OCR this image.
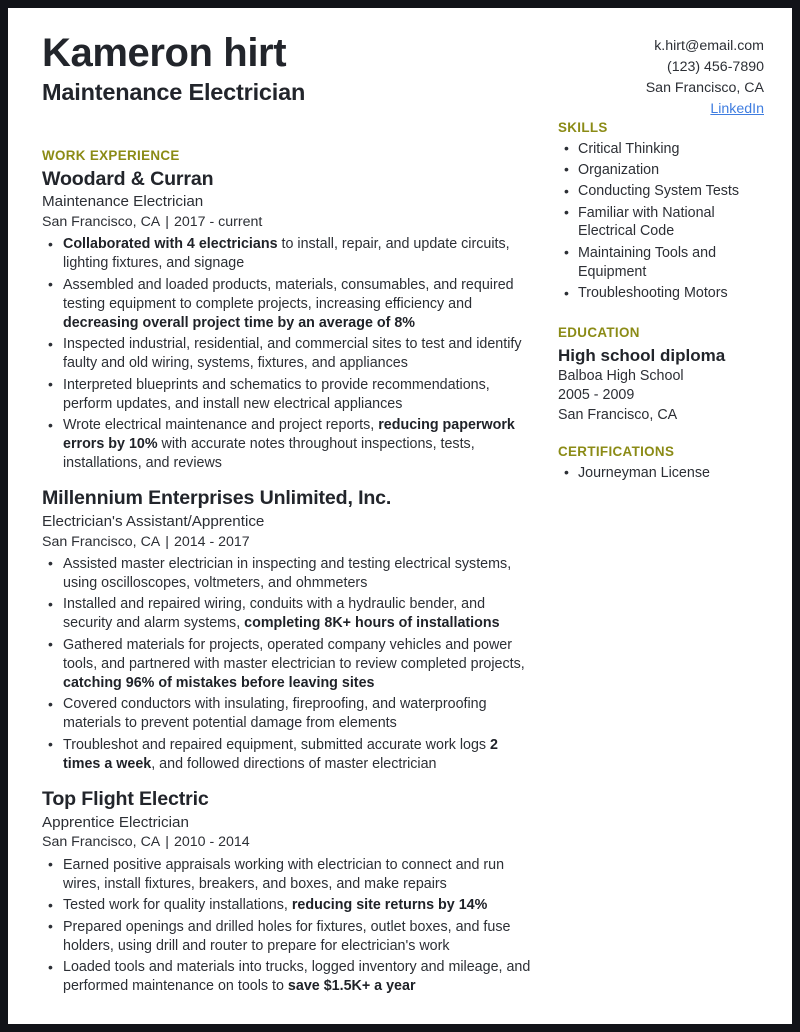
Kameron hirt
Maintenance Electrician
k.hirt@email.com
(123) 456-7890
San Francisco, CA
LinkedIn
WORK EXPERIENCE
Woodard & Curran
Maintenance Electrician
San Francisco, CA | 2017 - current
• Collaborated with 4 electricians to install, repair, and update circuits, lighting fixtures, and signage
• Assembled and loaded products, materials, consumables, and required testing equipment to complete projects, increasing efficiency and decreasing overall project time by an average of 8%
• Inspected industrial, residential, and commercial sites to test and identify faulty and old wiring, systems, fixtures, and appliances
• Interpreted blueprints and schematics to provide recommendations, perform updates, and install new electrical appliances
• Wrote electrical maintenance and project reports, reducing paperwork errors by 10% with accurate notes throughout inspections, tests, installations, and reviews
Millennium Enterprises Unlimited, Inc.
Electrician's Assistant/Apprentice
San Francisco, CA | 2014 - 2017
• Assisted master electrician in inspecting and testing electrical systems, using oscilloscopes, voltmeters, and ohmmeters
• Installed and repaired wiring, conduits with a hydraulic bender, and security and alarm systems, completing 8K+ hours of installations
• Gathered materials for projects, operated company vehicles and power tools, and partnered with master electrician to review completed projects, catching 96% of mistakes before leaving sites
• Covered conductors with insulating, fireproofing, and waterproofing materials to prevent potential damage from elements
• Troubleshot and repaired equipment, submitted accurate work logs 2 times a week, and followed directions of master electrician
Top Flight Electric
Apprentice Electrician
San Francisco, CA | 2010 - 2014
• Earned positive appraisals working with electrician to connect and run wires, install fixtures, breakers, and boxes, and make repairs
• Tested work for quality installations, reducing site returns by 14%
• Prepared openings and drilled holes for fixtures, outlet boxes, and fuse holders, using drill and router to prepare for electrician's work
• Loaded tools and materials into trucks, logged inventory and mileage, and performed maintenance on tools to save $1.5K+ a year
SKILLS
• Critical Thinking
• Organization
• Conducting System Tests
• Familiar with National Electrical Code
• Maintaining Tools and Equipment
• Troubleshooting Motors
EDUCATION
High school diploma
Balboa High School
2005 - 2009
San Francisco, CA
CERTIFICATIONS
• Journeyman License
